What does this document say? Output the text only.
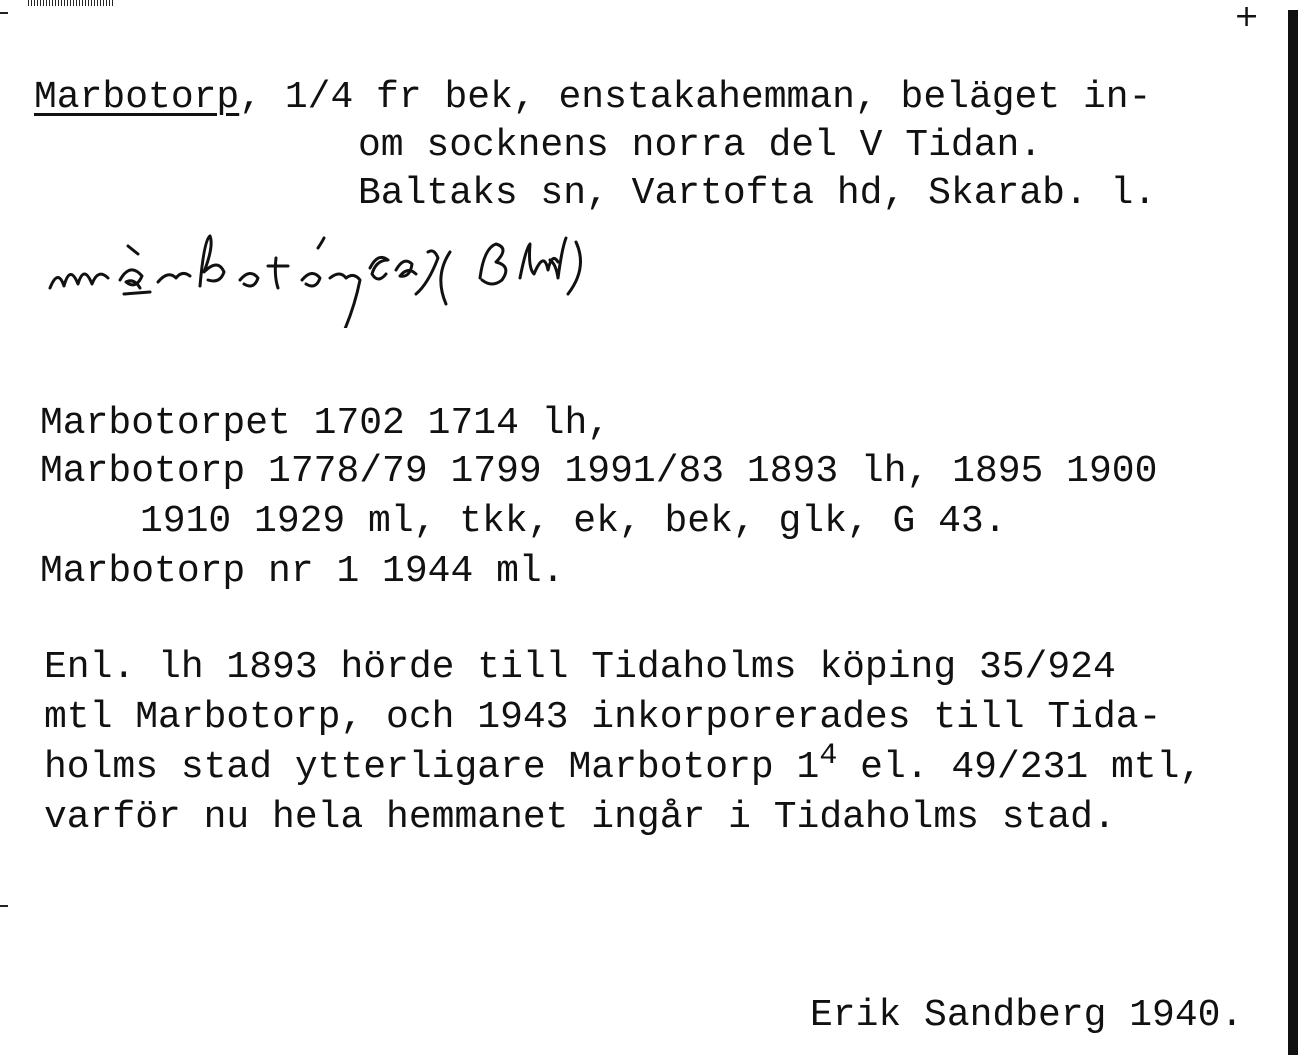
+
Marbotorp, 1/4 fr bek, enstakahemman, beläget in-
om socknens norra del V Tidan.
Baltaks sn, Vartofta hd, Skarab. l.
Marbotorpet 1702 1714 lh,
Marbotorp 1778/79 1799 1991/83 1893 lh, 1895 1900
1910 1929 ml, tkk, ek, bek, glk, G 43.
Marbotorp nr 1 1944 ml.
Enl. lh 1893 hörde till Tidaholms köping 35/924
mtl Marbotorp, och 1943 inkorporerades till Tida-
holms stad ytterligare Marbotorp $1^4$ el. 49/231 mtl,
varför nu hela hemmanet ingår i Tidaholms stad.
Erik Sandberg 1940.
